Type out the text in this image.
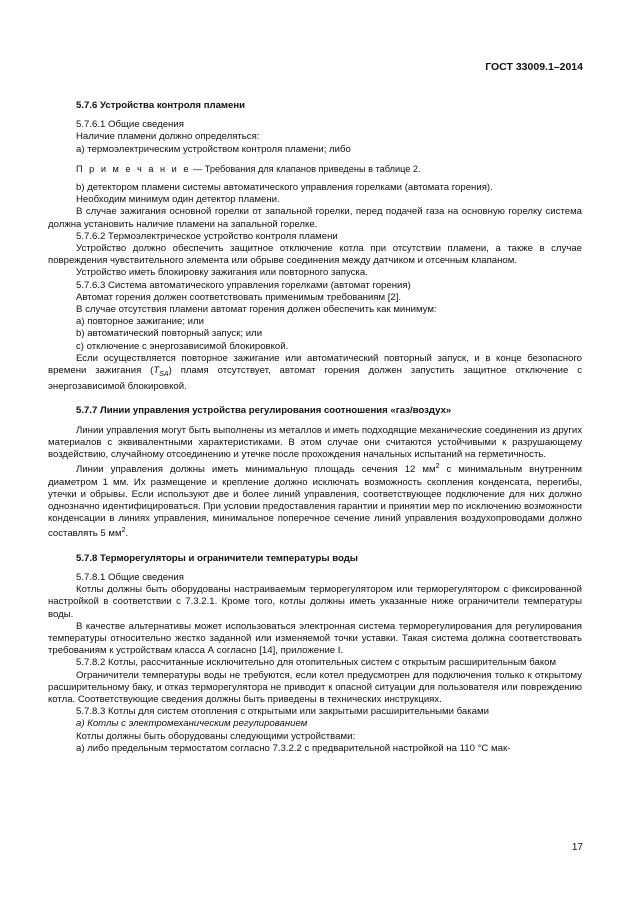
ГОСТ 33009.1–2014

5.7.6 Устройства контроля пламени

5.7.6.1 Общие сведения

Наличие пламени должно определяться:

а) термоэлектрическим устройством контроля пламени; либо

П р и м е ч а н и е — Требования для клапанов приведены в таблице 2.

b) детектором пламени системы автоматического управления горелками (автомата горения).

Необходим минимум один детектор пламени.

В случае зажигания основной горелки от запальной горелки, перед подачей газа на основную горелку система должна установить наличие пламени на запальной горелке.

5.7.6.2 Термоэлектрическое устройство контроля пламени

Устройство должно обеспечить защитное отключение котла при отсутствии пламени, а также в случае повреждения чувствительного элемента или обрыве соединения между датчиком и отсечным клапаном.

Устройство иметь блокировку зажигания или повторного запуска.

5.7.6.3 Система автоматического управления горелками (автомат горения)

Автомат горения должен соответствовать применимым требованиям [2].

В случае отсутствия пламени автомат горения должен обеспечить как минимум:

а) повторное зажигание; или

b) автоматический повторный запуск; или

c) отключение с энергозависимой блокировкой.

Если осуществляется повторное зажигание или автоматический повторный запуск, и в конце безопасного времени зажигания $(T_{SA})$ пламя отсутствует, автомат горения должен запустить защитное отключение с энергозависимой блокировкой.

5.7.7 Линии управления устройства регулирования соотношения «газ/воздух»

Линии управления могут быть выполнены из металлов и иметь подходящие механические соединения из других материалов с эквивалентными характеристиками. В этом случае они считаются устойчивыми к разрушающему воздействию, случайному отсоединению и утечке после прохождения начальных испытаний на герметичность.

Линии управления должны иметь минимальную площадь сечения 12 $мм^2$ с минимальным внутренним диаметром 1 мм. Их размещение и крепление должно исключать возможность скопления конденсата, перегибы, утечки и обрывы. Если используют две и более линий управления, соответствующее подключение для них должно однозначно идентифицироваться. При условии предоставления гарантии и принятии мер по исключению возможности конденсации в линиях управления, минимальное поперечное сечение линий управления воздухопроводами должно составлять 5 $мм^2$.

5.7.8 Терморегуляторы и ограничители температуры воды

5.7.8.1 Общие сведения

Котлы должны быть оборудованы настраиваемым терморегулятором или терморегулятором с фиксированной настройкой в соответствии с 7.3.2.1. Кроме того, котлы должны иметь указанные ниже ограничители температуры воды.

В качестве альтернативы может использоваться электронная система терморегулирования для регулирования температуры относительно жестко заданной или изменяемой точки уставки. Такая система должна соответствовать требованиям к устройствам класса А согласно [14], приложение I.

5.7.8.2 Котлы, рассчитанные исключительно для отопительных систем с открытым расширительным баком

Ограничители температуры воды не требуются, если котел предусмотрен для подключения только к открытому расширительному баку, и отказ терморегулятора не приводит к опасной ситуации для пользователя или повреждению котла. Соответствующие сведения должны быть приведены в технических инструкциях.

5.7.8.3 Котлы для систем отопления с открытыми или закрытыми расширительными баками

a) Котлы с электромеханическим регулированием

Котлы должны быть оборудованы следующими устройствами:

a) либо предельным термостатом согласно 7.3.2.2 с предварительной настройкой на 110 °С мак-

17
